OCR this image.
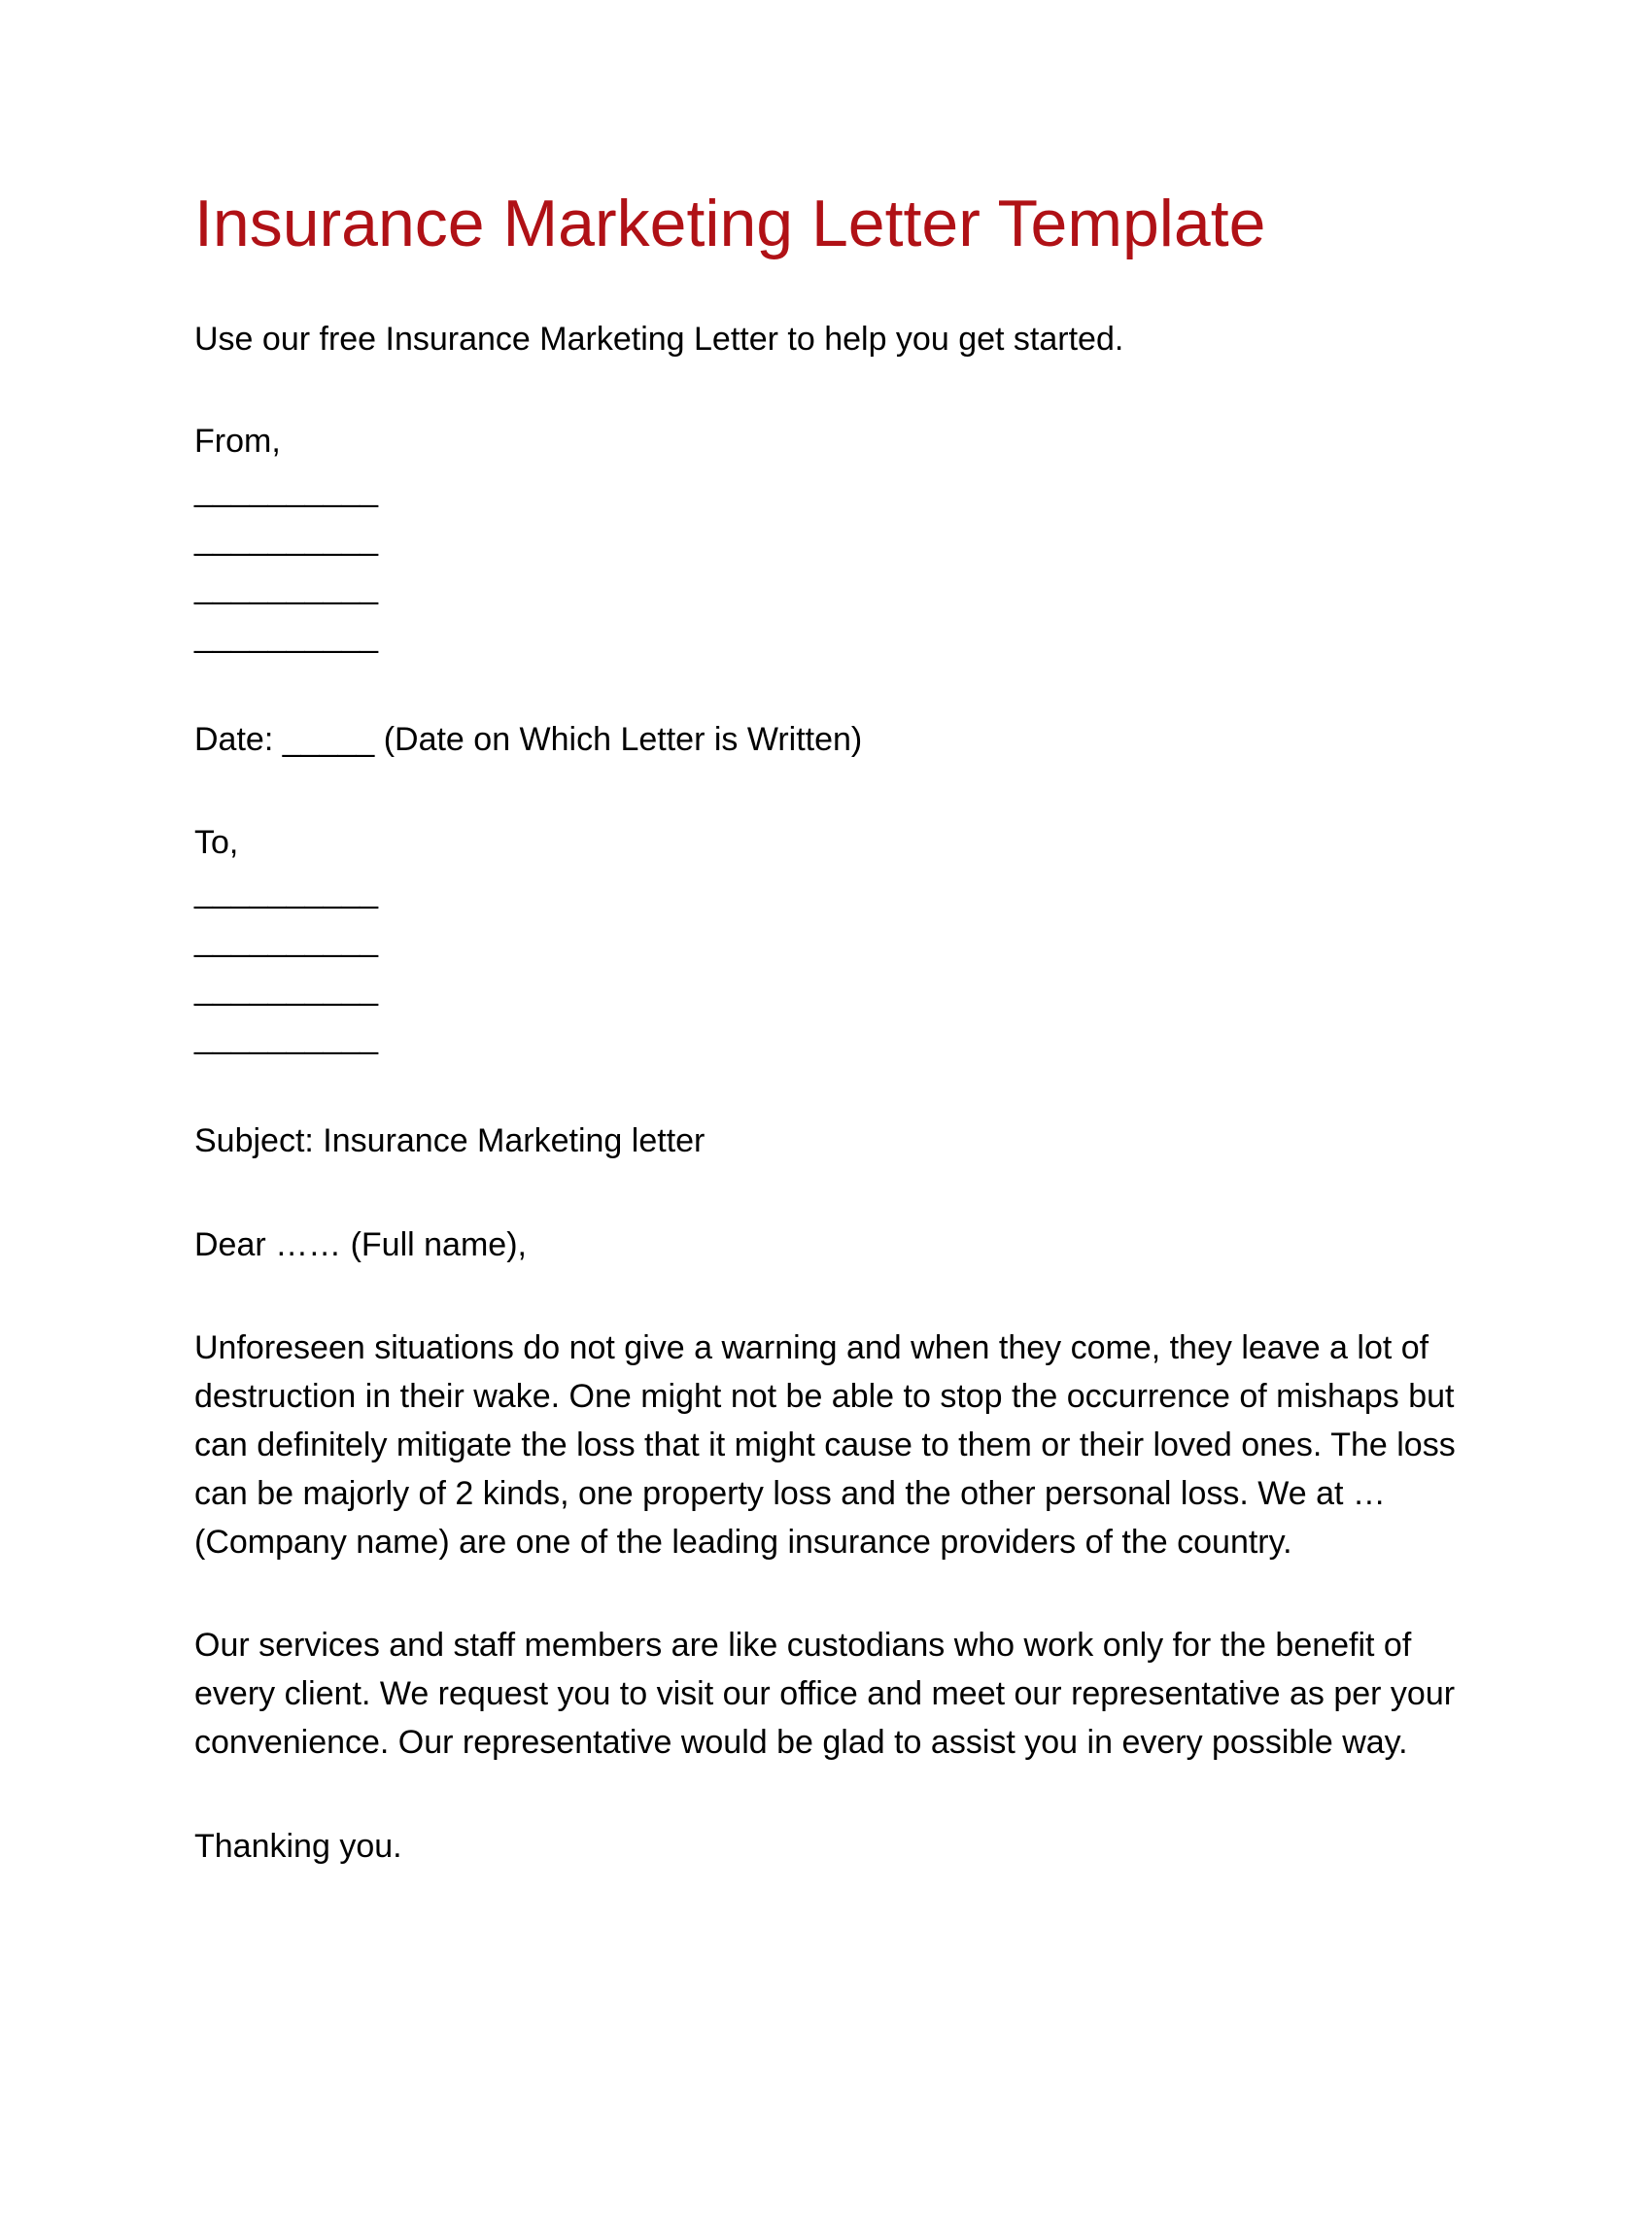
Insurance Marketing Letter Template

Use our free Insurance Marketing Letter to help you get started.

From,

__________
__________
__________
__________

Date: _____ (Date on Which Letter is Written)

To,

__________
__________
__________
__________

Subject: Insurance Marketing letter

Dear …… (Full name),

Unforeseen situations do not give a warning and when they come, they leave a lot of destruction in their wake. One might not be able to stop the occurrence of mishaps but can definitely mitigate the loss that it might cause to them or their loved ones. The loss can be majorly of 2 kinds, one property loss and the other personal loss. We at … (Company name) are one of the leading insurance providers of the country.

Our services and staff members are like custodians who work only for the benefit of every client. We request you to visit our office and meet our representative as per your convenience. Our representative would be glad to assist you in every possible way.

Thanking you.
